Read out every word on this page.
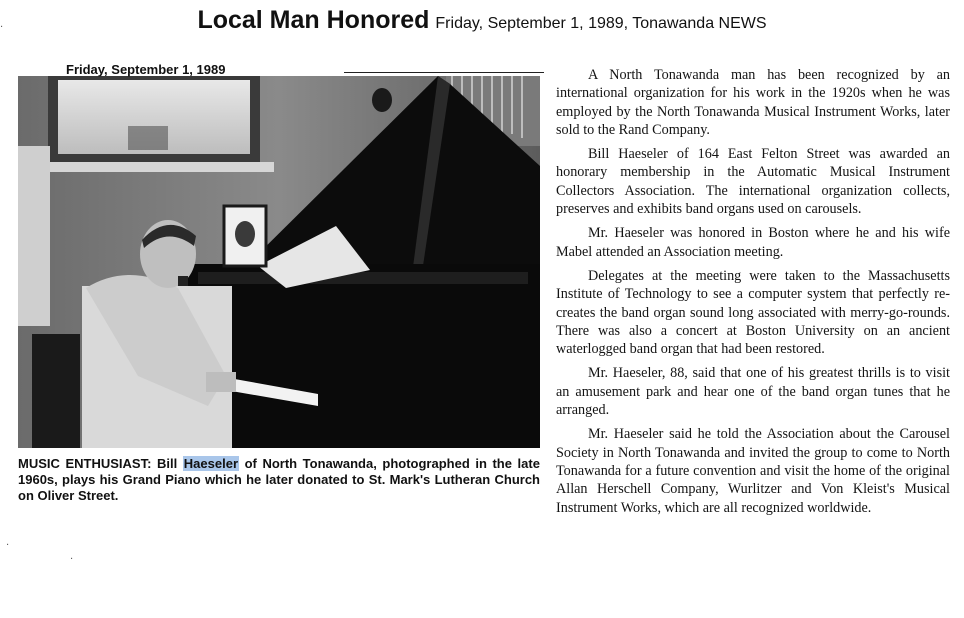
Local Man Honored Friday, September 1, 1989, Tonawanda NEWS
Friday, September 1, 1989
MUSIC ENTHUSIAST: Bill Haeseler of North Tonawanda, photographed in the late 1960s, plays his Grand Piano which he later donated to St. Mark's Lutheran Church on Oliver Street.

A North Tonawanda man has been recognized by an international organization for his work in the 1920s when he was employed by the North Tonawanda Musical Instrument Works, later sold to the Rand Company.

Bill Haeseler of 164 East Felton Street was awarded an honorary membership in the Automatic Musical Instrument Collectors Association. The international organization collects, preserves and exhibits band organs used on carousels.

Mr. Haeseler was honored in Boston where he and his wife Mabel attended an Association meeting.

Delegates at the meeting were taken to the Massachusetts Institute of Technology to see a computer system that perfectly re-creates the band organ sound long associated with merry-go-rounds. There was also a concert at Boston University on an ancient waterlogged band organ that had been restored.

Mr. Haeseler, 88, said that one of his greatest thrills is to visit an amusement park and hear one of the band organ tunes that he arranged.

Mr. Haeseler said he told the Association about the Carousel Society in North Tonawanda and invited the group to come to North Tonawanda for a future convention and visit the home of the original Allan Herschell Company, Wurlitzer and Von Kleist's Musical Instrument Works, which are all recognized worldwide.

·
·
·
